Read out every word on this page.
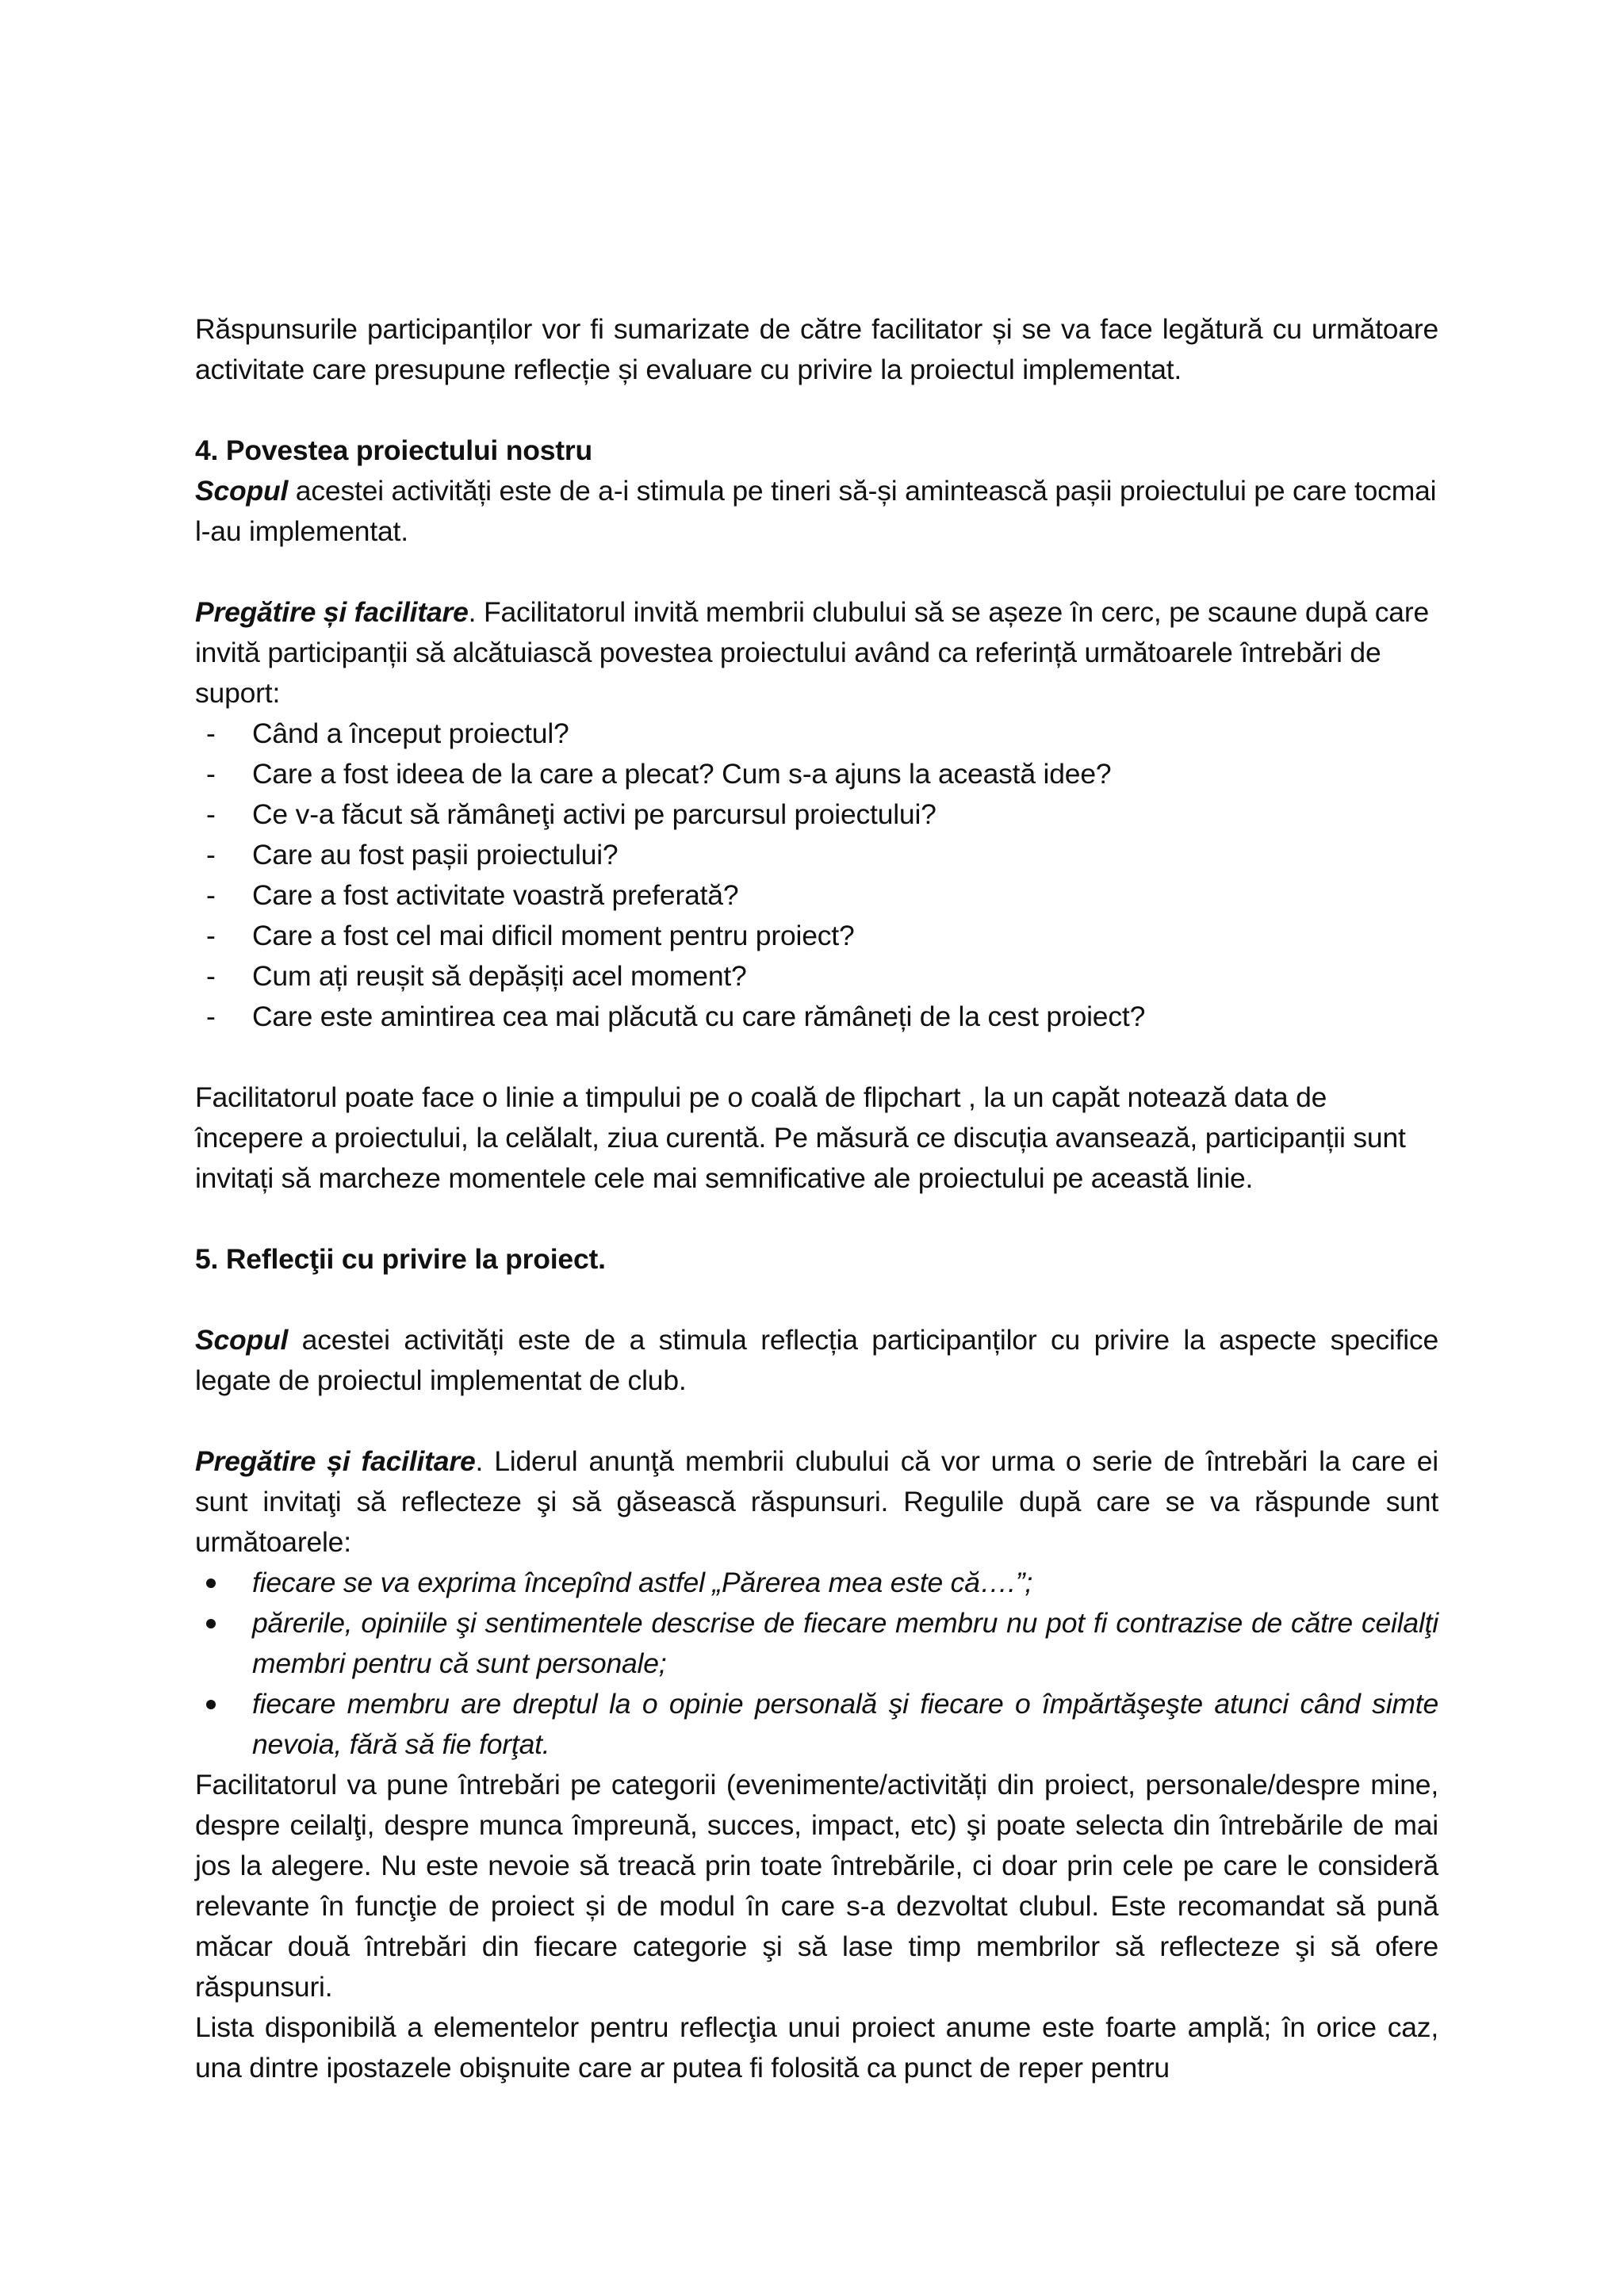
Răspunsurile participanților vor fi sumarizate de către facilitator și se va face legătură cu următoare activitate care presupune reflecție și evaluare cu privire la proiectul implementat.

4. Povestea proiectului nostru

Scopul acestei activități este de a-i stimula pe tineri să-și amintească pașii proiectului pe care tocmai l-au implementat.

Pregătire și facilitare. Facilitatorul invită membrii clubului să se așeze în cerc, pe scaune după care invită participanții să alcătuiască povestea proiectului având ca referință următoarele întrebări de suport:

- Când a început proiectul?
- Care a fost ideea de la care a plecat? Cum s-a ajuns la această idee?
- Ce v-a făcut să rămâneţi activi pe parcursul proiectului?
- Care au fost pașii proiectului?
- Care a fost activitate voastră preferată?
- Care a fost cel mai dificil moment pentru proiect?
- Cum ați reușit să depășiți acel moment?
- Care este amintirea cea mai plăcută cu care rămâneți de la cest proiect?

Facilitatorul poate face o linie a timpului pe o coală de flipchart , la un capăt notează data de începere a proiectului, la celălalt, ziua curentă. Pe măsură ce discuția avansează, participanții sunt invitați să marcheze momentele cele mai semnificative ale proiectului pe această linie.

5. Reflecţii cu privire la proiect.

Scopul acestei activități este de a stimula reflecția participanților cu privire la aspecte specifice legate de proiectul implementat de club.

Pregătire și facilitare. Liderul anunţă membrii clubului că vor urma o serie de întrebări la care ei sunt invitaţi să reflecteze şi să găsească răspunsuri. Regulile după care se va răspunde sunt următoarele:

fiecare se va exprima începînd astfel „Părerea mea este că….”;
părerile, opiniile şi sentimentele descrise de fiecare membru nu pot fi contrazise de către ceilalţi membri pentru că sunt personale;
fiecare membru are dreptul la o opinie personală şi fiecare o împărtăşeşte atunci când simte nevoia, fără să fie forţat.

Facilitatorul va pune întrebări pe categorii (evenimente/activități din proiect, personale/despre mine, despre ceilalţi, despre munca împreună, succes, impact, etc) şi poate selecta din întrebările de mai jos la alegere. Nu este nevoie să treacă prin toate întrebările, ci doar prin cele pe care le consideră relevante în funcţie de proiect și de modul în care s-a dezvoltat clubul. Este recomandat să pună măcar două întrebări din fiecare categorie şi să lase timp membrilor să reflecteze şi să ofere răspunsuri.

Lista disponibilă a elementelor pentru reflecţia unui proiect anume este foarte amplă; în orice caz, una dintre ipostazele obişnuite care ar putea fi folosită ca punct de reper pentru
